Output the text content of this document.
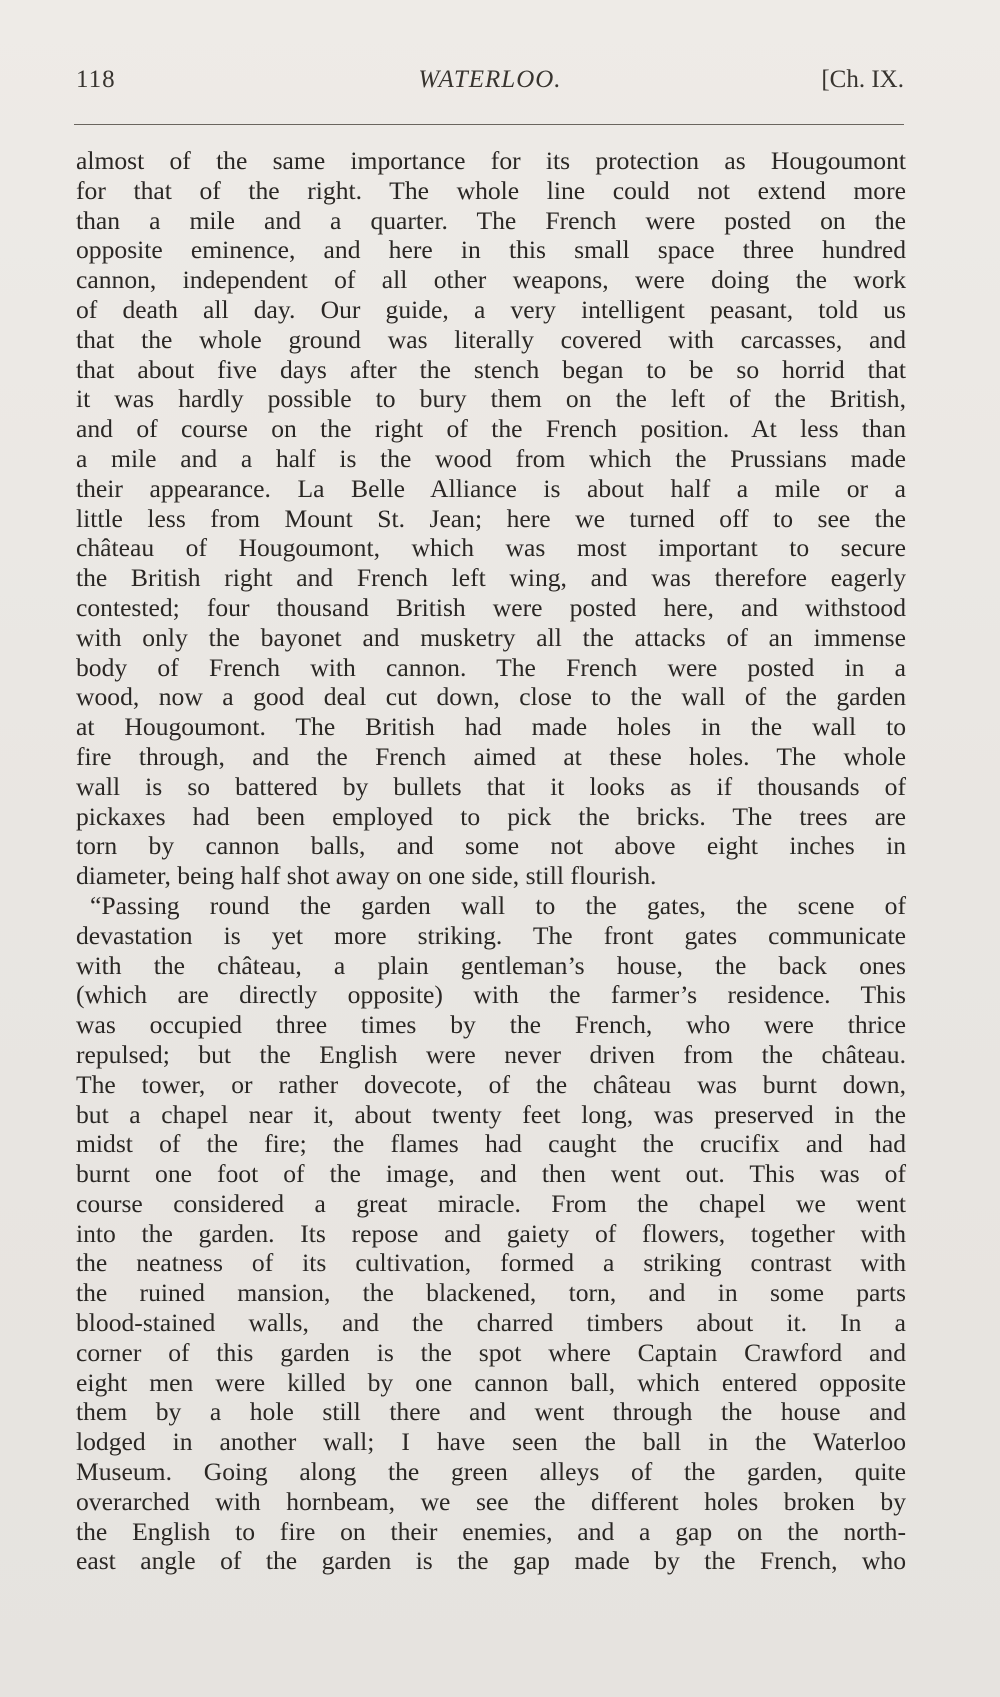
118	WATERLOO.	[Ch. IX.
almost of the same importance for its protection as Hougoumont
for that of the right. The whole line could not extend more
than a mile and a quarter. The French were posted on the
opposite eminence, and here in this small space three hundred
cannon, independent of all other weapons, were doing the work
of death all day. Our guide, a very intelligent peasant, told us
that the whole ground was literally covered with carcasses, and
that about five days after the stench began to be so horrid that
it was hardly possible to bury them on the left of the British,
and of course on the right of the French position. At less than
a mile and a half is the wood from which the Prussians made
their appearance. La Belle Alliance is about half a mile or a
little less from Mount St. Jean; here we turned off to see the
château of Hougoumont, which was most important to secure
the British right and French left wing, and was therefore eagerly
contested; four thousand British were posted here, and withstood
with only the bayonet and musketry all the attacks of an immense
body of French with cannon. The French were posted in a
wood, now a good deal cut down, close to the wall of the garden
at Hougoumont. The British had made holes in the wall to
fire through, and the French aimed at these holes. The whole
wall is so battered by bullets that it looks as if thousands of
pickaxes had been employed to pick the bricks. The trees are
torn by cannon balls, and some not above eight inches in
diameter, being half shot away on one side, still flourish.
“Passing round the garden wall to the gates, the scene of
devastation is yet more striking. The front gates communicate
with the château, a plain gentleman’s house, the back ones
(which are directly opposite) with the farmer’s residence. This
was occupied three times by the French, who were thrice
repulsed; but the English were never driven from the château.
The tower, or rather dovecote, of the château was burnt down,
but a chapel near it, about twenty feet long, was preserved in the
midst of the fire; the flames had caught the crucifix and had
burnt one foot of the image, and then went out. This was of
course considered a great miracle. From the chapel we went
into the garden. Its repose and gaiety of flowers, together with
the neatness of its cultivation, formed a striking contrast with
the ruined mansion, the blackened, torn, and in some parts
blood-stained walls, and the charred timbers about it. In a
corner of this garden is the spot where Captain Crawford and
eight men were killed by one cannon ball, which entered opposite
them by a hole still there and went through the house and
lodged in another wall; I have seen the ball in the Waterloo
Museum. Going along the green alleys of the garden, quite
overarched with hornbeam, we see the different holes broken by
the English to fire on their enemies, and a gap on the north-
east angle of the garden is the gap made by the French, who
